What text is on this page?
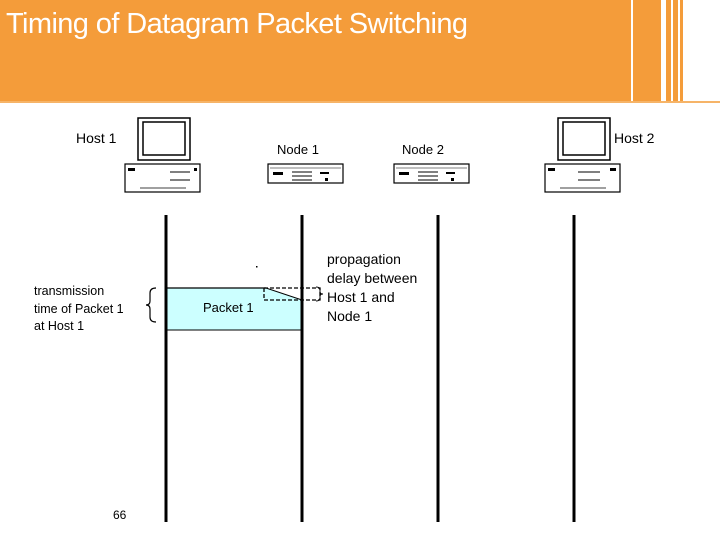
Timing of Datagram Packet Switching
Host 1	Host 2
Node 1	Node 2
transmission
time of Packet 1
at Host 1
Packet 1
propagation
delay between
Host 1 and
Node 1
66
